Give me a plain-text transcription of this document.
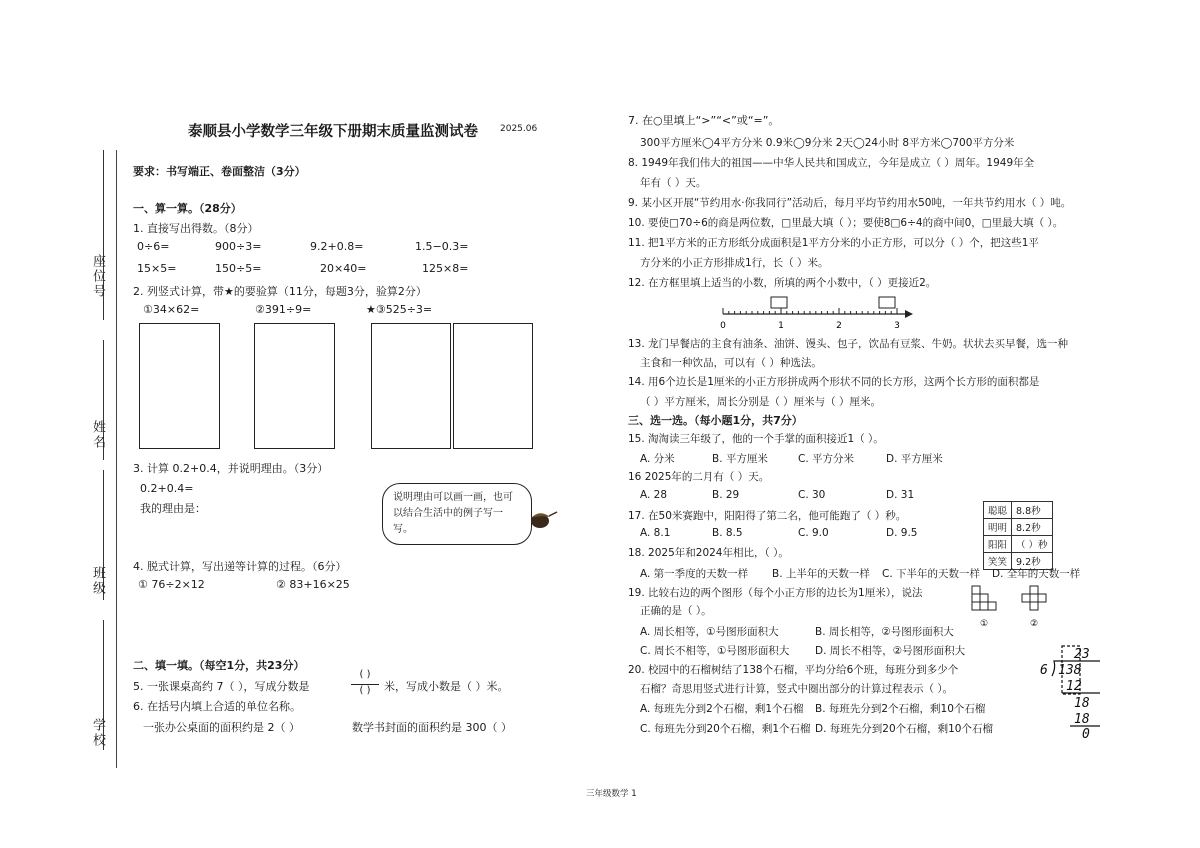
座位号
姓名
班级
学校
泰顺县小学数学三年级下册期末质量监测试卷 2025.06
要求：书写端正、卷面整洁（3分）
一、算一算。（28分）
1. 直接写出得数。（8分）
0÷6=	900÷3=	9.2+0.8=	1.5−0.3=
15×5=	150÷5=	20×40=	125×8=
2. 列竖式计算，带★的要验算（11分，每题3分，验算2分）
①34×62=	②391÷9=	★③525÷3=
3. 计算 0.2+0.4，并说明理由。（3分）
0.2+0.4=
我的理由是：
说明理由可以画一画，也可以结合生活中的例子写一写。
4. 脱式计算，写出递等计算的过程。（6分）
① 76÷2×12	② 83+16×25
二、填一填。（每空1分，共23分）
5. 一张课桌高约 7（ ），写成分数是
( )
( )	米，写成小数是（ ）米。
6. 在括号内填上合适的单位名称。
一张办公桌面的面积约是 2（ ）	数学书封面的面积约是 300（ ）
7. 在○里填上“>”“<”或“=”。
300平方厘米◯4平方分米 0.9米◯9分米 2天◯24小时 8平方米◯700平方分米
8. 1949年我们伟大的祖国——中华人民共和国成立，今年是成立（ ）周年。1949年全
年有（ ）天。
9. 某小区开展“节约用水·你我同行”活动后，每月平均节约用水50吨，一年共节约用水（ ）吨。
10. 要使□70÷6的商是两位数，□里最大填（ ）；要使8□6÷4的商中间0，□里最大填（ ）。
11. 把1平方米的正方形纸分成面积是1平方分米的小正方形，可以分（ ）个，把这些1平
方分米的小正方形排成1行，长（ ）米。
12. 在方框里填上适当的小数，所填的两个小数中，（ ）更接近2。
0	1	2	3
13. 龙门早餐店的主食有油条、油饼、馒头、包子，饮品有豆浆、牛奶。状状去买早餐，选一种
主食和一种饮品，可以有（ ）种选法。
14. 用6个边长是1厘米的小正方形拼成两个形状不同的长方形，这两个长方形的面积都是
（ ）平方厘米，周长分别是（ ）厘米与（ ）厘米。
三、选一选。（每小题1分，共7分）
15. 淘淘读三年级了，他的一个手掌的面积接近1（ ）。
A. 分米	B. 平方厘米	C. 平方分米	D. 平方厘米
16 2025年的二月有（ ）天。
A. 28	B. 29	C. 30	D. 31
17. 在50米赛跑中，阳阳得了第二名，他可能跑了（ ）秒。
A. 8.1	B. 8.5	C. 9.0	D. 9.5
聪聪	8.8秒
明明	8.2秒
阳阳	（ ）秒
笑笑	9.2秒
18. 2025年和2024年相比，（ ）。
A. 第一季度的天数一样 B. 上半年的天数一样 C. 下半年的天数一样 D. 全年的天数一样
19. 比较右边的两个图形（每个小正方形的边长为1厘米），说法
正确的是（ ）。
A. 周长相等，①号图形面积大	B. 周长相等，②号图形面积大
C. 周长不相等，①号图形面积大 D. 周长不相等，②号图形面积大
①	②
20. 校园中的石榴树结了138个石榴，平均分给6个班，每班分到多少个
石榴？奇思用竖式进行计算，竖式中圈出部分的计算过程表示（ ）。
A. 每班先分到2个石榴，剩1个石榴 B. 每班先分到2个石榴，剩10个石榴
C. 每班先分到20个石榴，剩1个石榴 D. 每班先分到20个石榴，剩10个石榴
23
6 138
12
18
18
0
三年级数学 1
